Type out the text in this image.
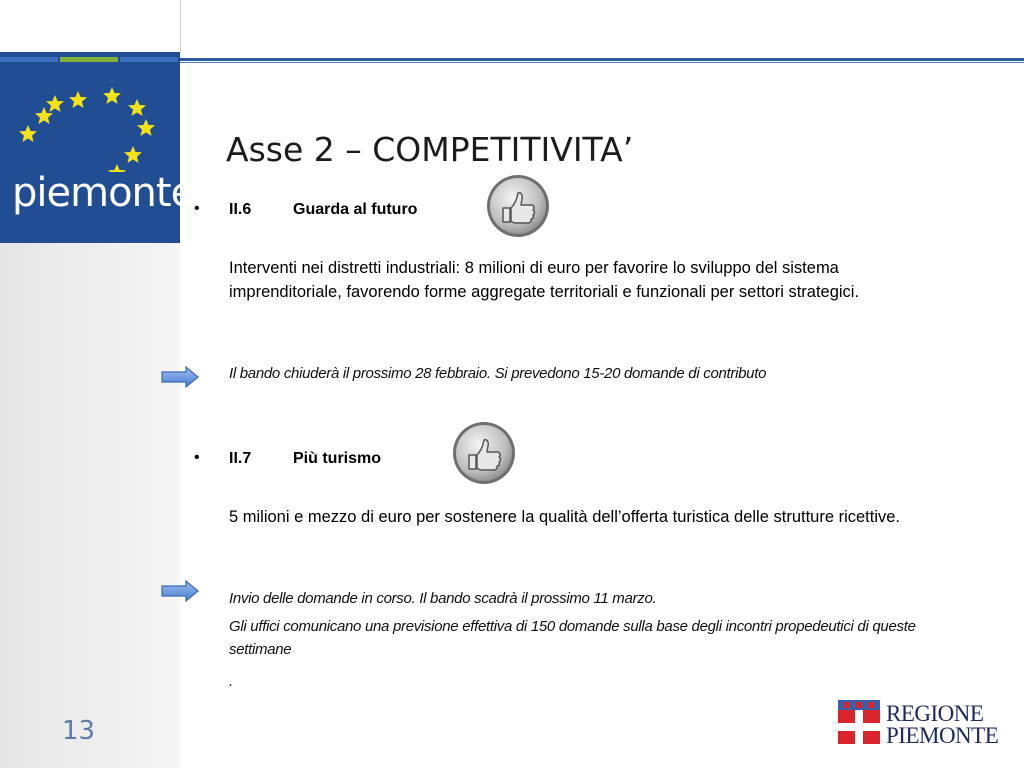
piemonte
Asse 2 – COMPETITIVITA’
• II.6	Guarda al futuro
Interventi nei distretti industriali: 8 milioni di euro per favorire lo sviluppo del sistema imprenditoriale, favorendo forme aggregate territoriali e funzionali per settori strategici.
Il bando chiuderà il prossimo 28 febbraio. Si prevedono 15-20 domande di contributo
• II.7	Più turismo
5 milioni e mezzo di euro per sostenere la qualità dell’offerta turistica delle strutture ricettive.
Invio delle domande in corso. Il bando scadrà il prossimo 11 marzo.
Gli uffici comunicano una previsione effettiva di 150 domande sulla base degli incontri propedeutici di queste settimane
.
13
REGIONE
PIEMONTE
